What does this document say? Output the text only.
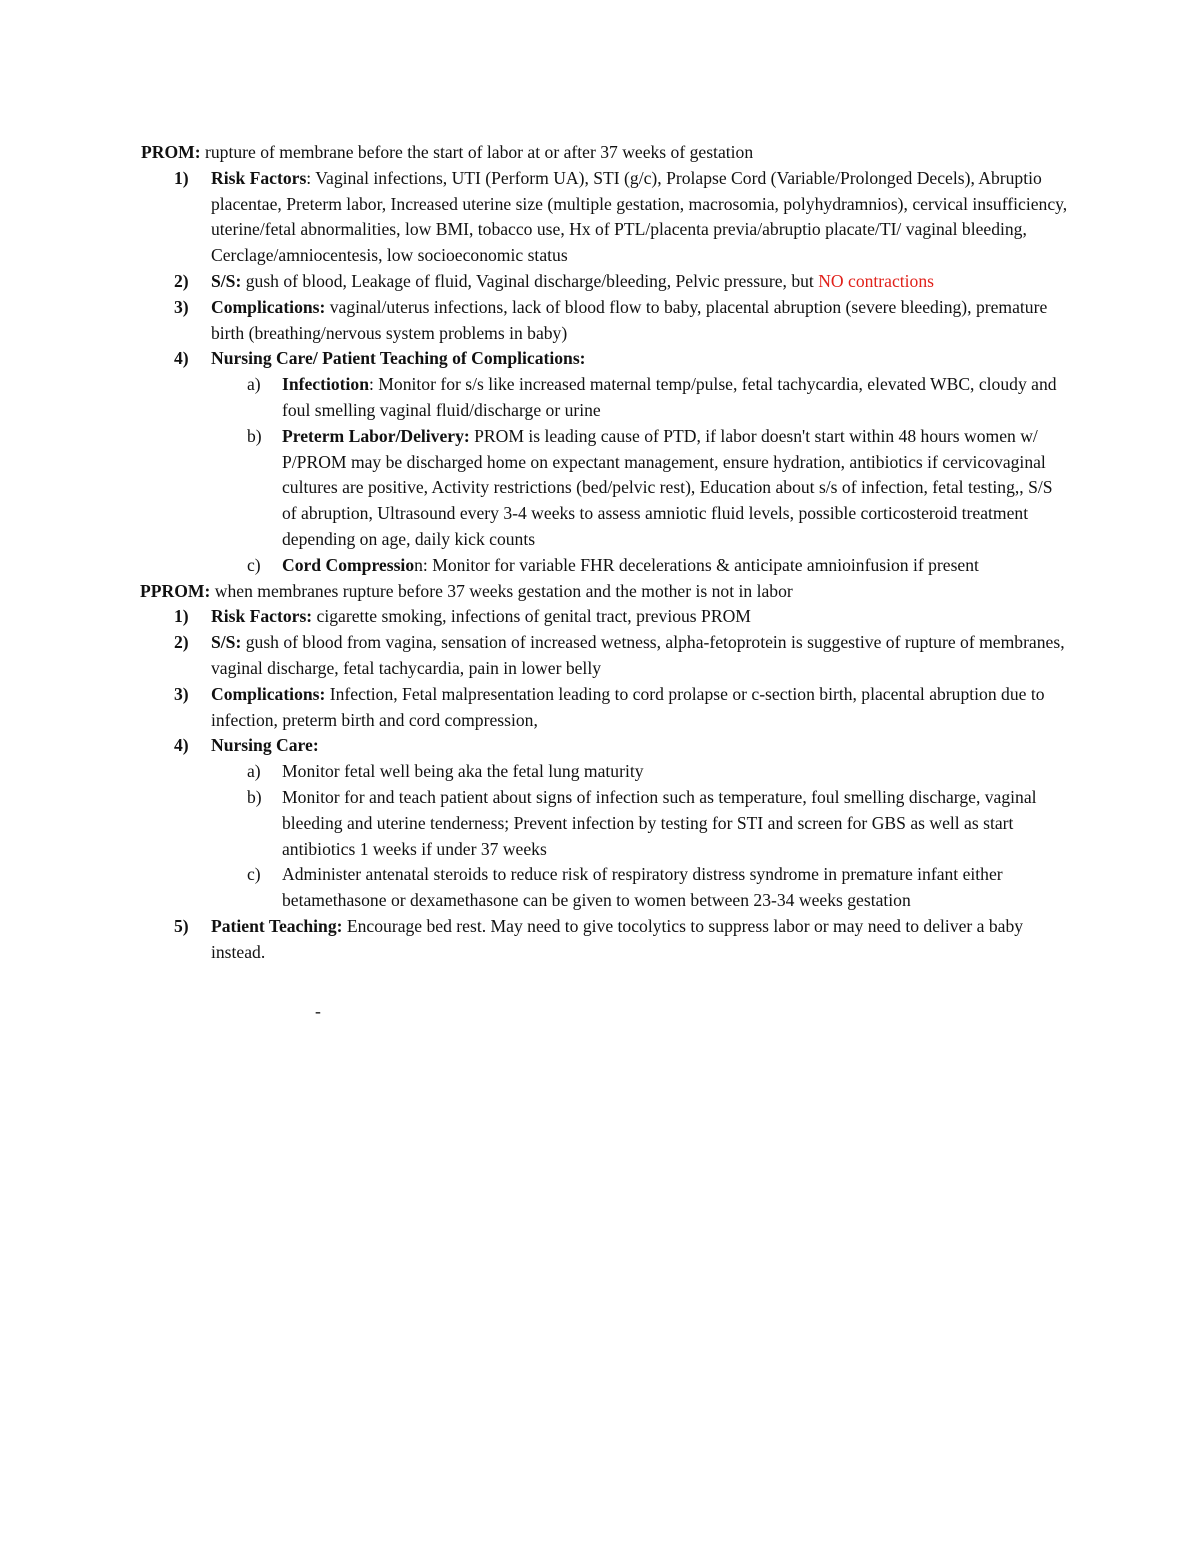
PROM: rupture of membrane before the start of labor at or after 37 weeks of gestation

1) Risk Factors: Vaginal infections, UTI (Perform UA), STI (g/c), Prolapse Cord (Variable/Prolonged Decels), Abruptio placentae, Preterm labor, Increased uterine size (multiple gestation, macrosomia, polyhydramnios), cervical insufficiency, uterine/fetal abnormalities, low BMI, tobacco use, Hx of PTL/placenta previa/abruptio placate/TI/ vaginal bleeding, Cerclage/amniocentesis, low socioeconomic status
2) S/S: gush of blood, Leakage of fluid, Vaginal discharge/bleeding, Pelvic pressure, but NO contractions
3) Complications: vaginal/uterus infections, lack of blood flow to baby, placental abruption (severe bleeding), premature birth (breathing/nervous system problems in baby)
4) Nursing Care/ Patient Teaching of Complications:
a) Infectiotion: Monitor for s/s like increased maternal temp/pulse, fetal tachycardia, elevated WBC, cloudy and foul smelling vaginal fluid/discharge or urine
b) Preterm Labor/Delivery: PROM is leading cause of PTD, if labor doesn't start within 48 hours women w/ P/PROM may be discharged home on expectant management, ensure hydration, antibiotics if cervicovaginal cultures are positive, Activity restrictions (bed/pelvic rest), Education about s/s of infection, fetal testing,, S/S of abruption, Ultrasound every 3-4 weeks to assess amniotic fluid levels, possible corticosteroid treatment depending on age, daily kick counts
c) Cord Compression: Monitor for variable FHR decelerations & anticipate amnioinfusion if present

PPROM: when membranes rupture before 37 weeks gestation and the mother is not in labor

1) Risk Factors: cigarette smoking, infections of genital tract, previous PROM
2) S/S: gush of blood from vagina, sensation of increased wetness, alpha-fetoprotein is suggestive of rupture of membranes, vaginal discharge, fetal tachycardia, pain in lower belly
3) Complications: Infection, Fetal malpresentation leading to cord prolapse or c-section birth, placental abruption due to infection, preterm birth and cord compression,
4) Nursing Care:
a) Monitor fetal well being aka the fetal lung maturity
b) Monitor for and teach patient about signs of infection such as temperature, foul smelling discharge, vaginal bleeding and uterine tenderness; Prevent infection by testing for STI and screen for GBS as well as start antibiotics 1 weeks if under 37 weeks
c) Administer antenatal steroids to reduce risk of respiratory distress syndrome in premature infant either betamethasone or dexamethasone can be given to women between 23-34 weeks gestation
5) Patient Teaching: Encourage bed rest. May need to give tocolytics to suppress labor or may need to deliver a baby instead.
-
